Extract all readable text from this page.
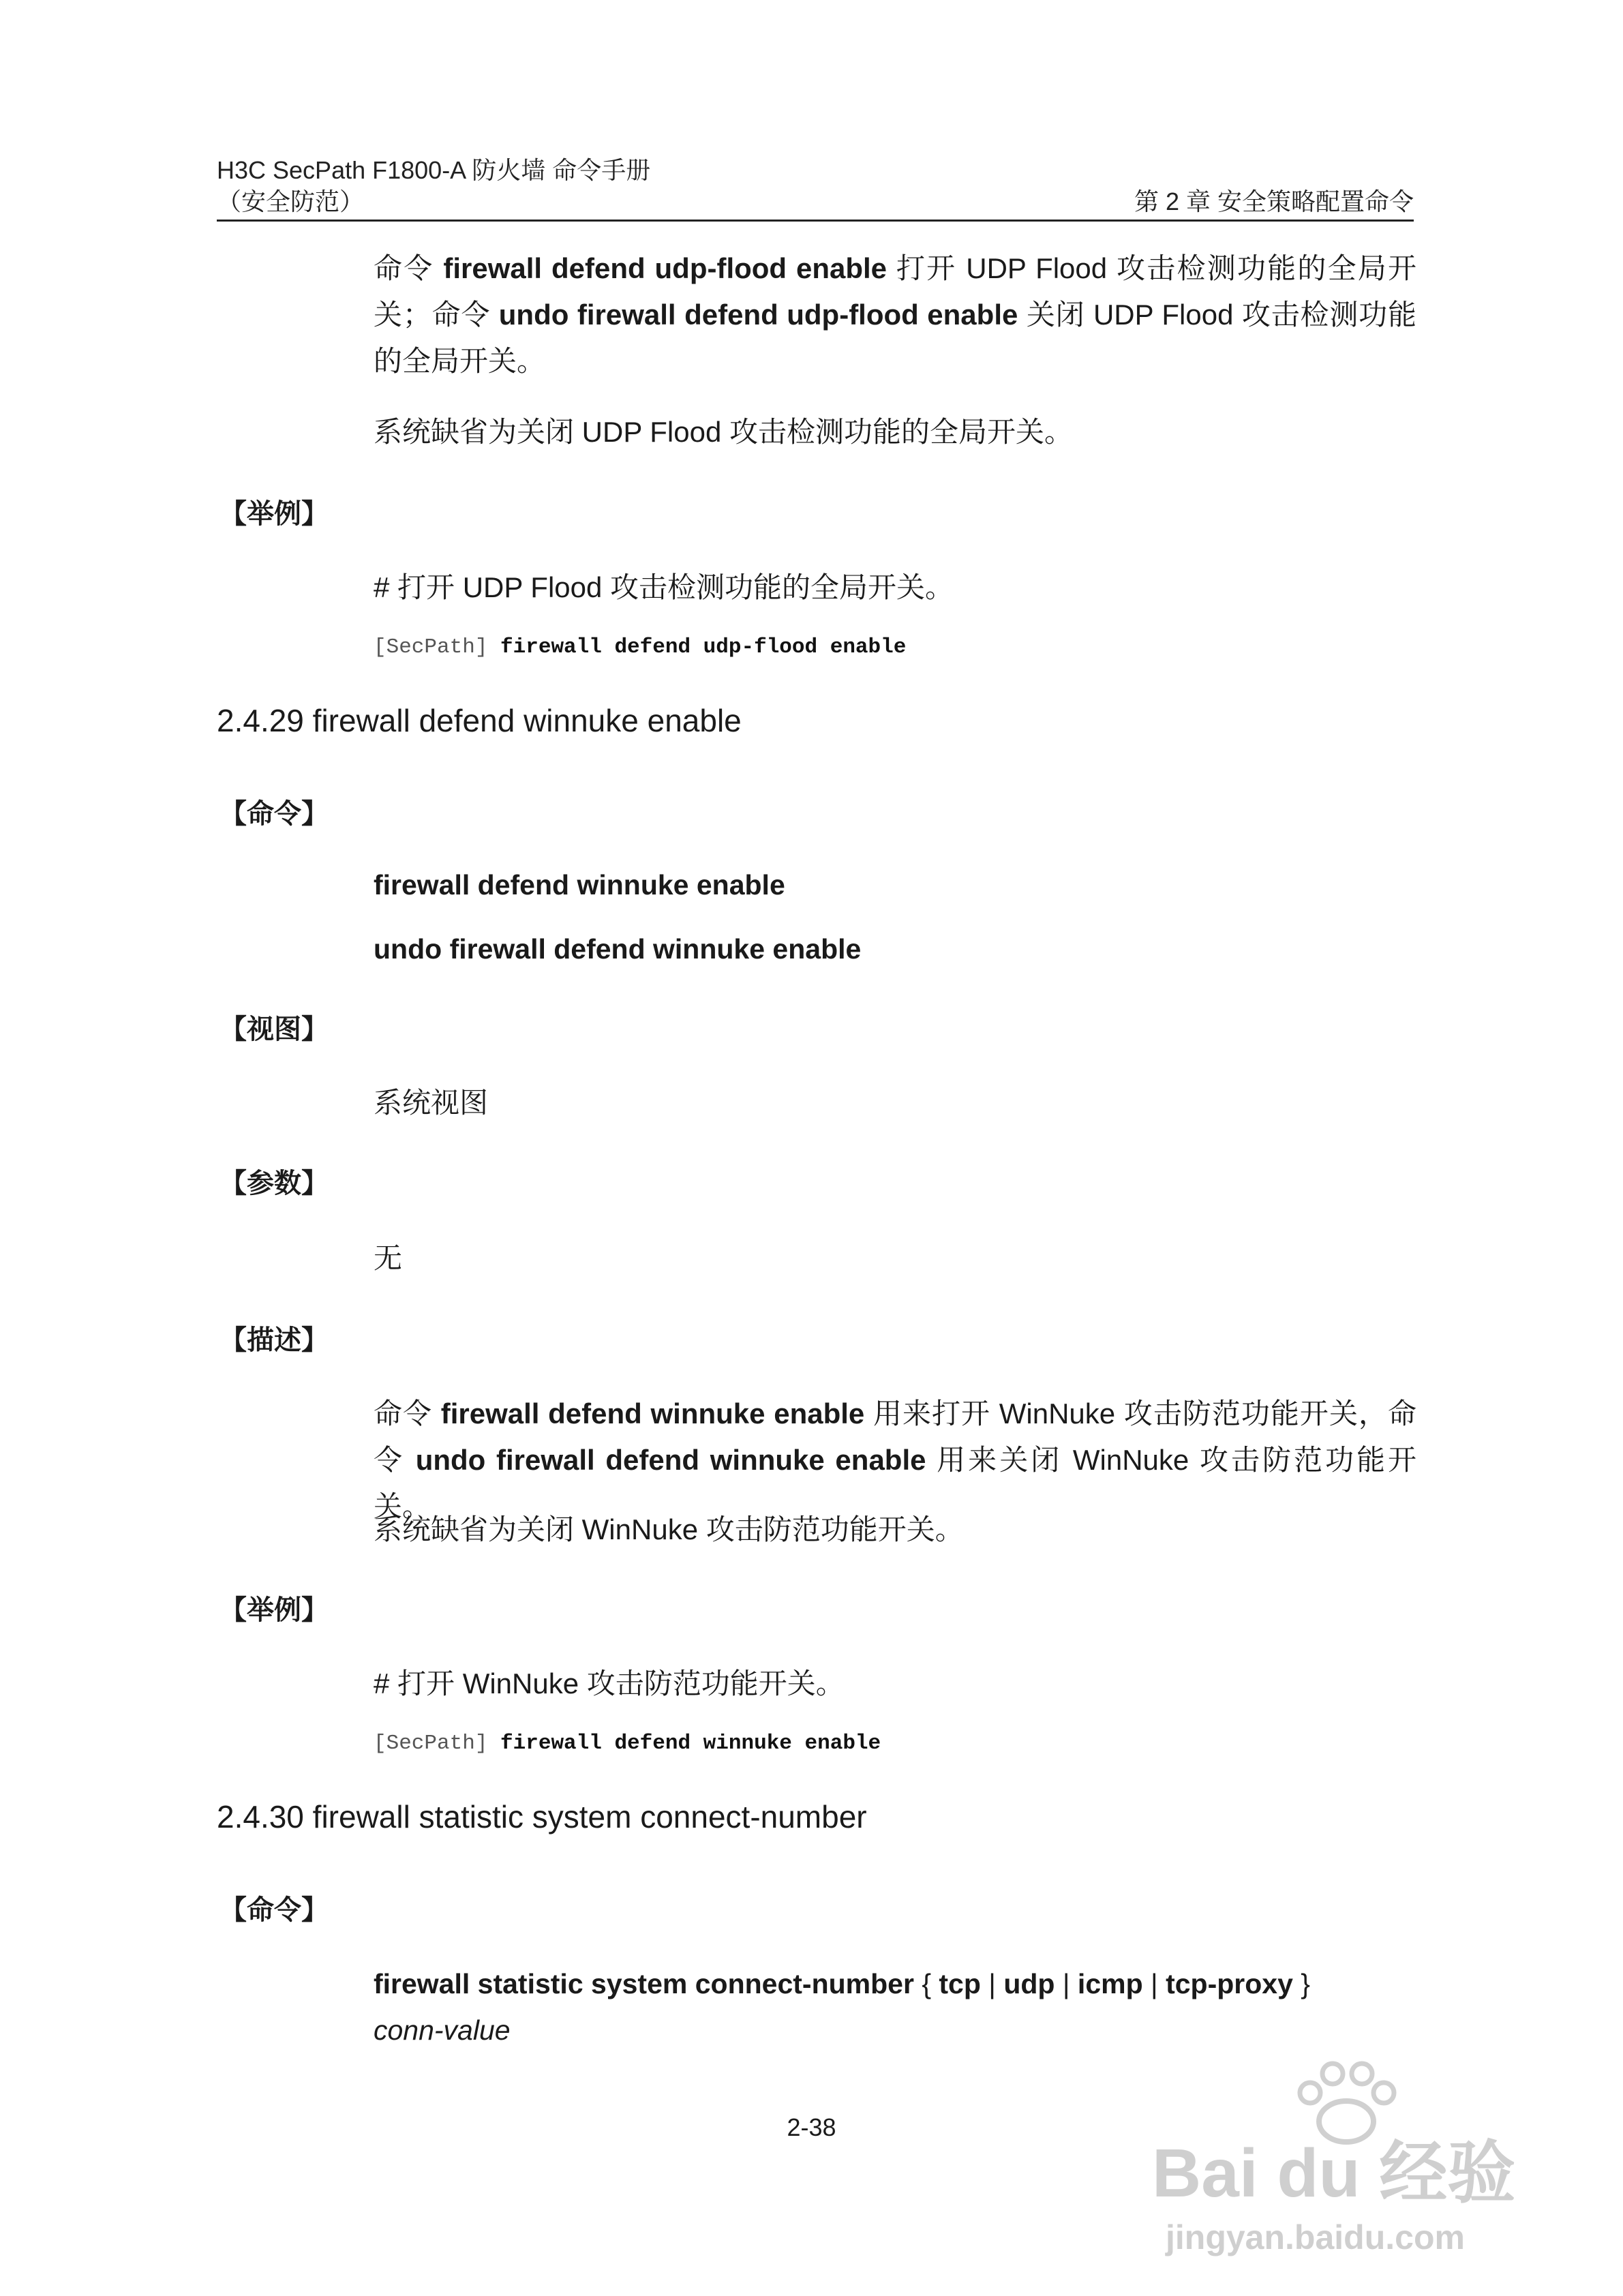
H3C SecPath F1800-A 防火墙 命令手册
（安全防范）	第 2 章 安全策略配置命令
命令 firewall defend udp-flood enable 打开 UDP Flood 攻击检测功能的全局开关；命令 undo firewall defend udp-flood enable 关闭 UDP Flood 攻击检测功能的全局开关。
系统缺省为关闭 UDP Flood 攻击检测功能的全局开关。
【举例】
# 打开 UDP Flood 攻击检测功能的全局开关。
[SecPath] firewall defend udp-flood enable
2.4.29 firewall defend winnuke enable
【命令】
firewall defend winnuke enable
undo firewall defend winnuke enable
【视图】
系统视图
【参数】
无
【描述】
命令 firewall defend winnuke enable 用来打开 WinNuke 攻击防范功能开关，命令 undo firewall defend winnuke enable 用来关闭 WinNuke 攻击防范功能开关。
系统缺省为关闭 WinNuke 攻击防范功能开关。
【举例】
# 打开 WinNuke 攻击防范功能开关。
[SecPath] firewall defend winnuke enable
2.4.30 firewall statistic system connect-number
【命令】
firewall statistic system connect-number { tcp | udp | icmp | tcp-proxy }
conn-value
2-38
Bai du 经验
jingyan.baidu.com
